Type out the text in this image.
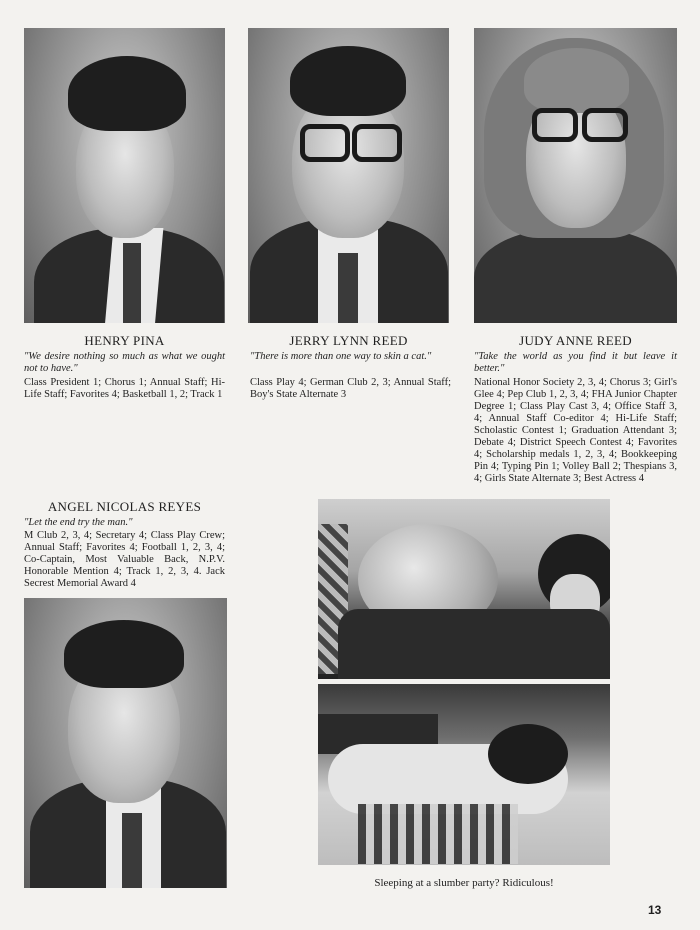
HENRY PINA

"We desire nothing so much as what we ought not to have."

Class President 1; Chorus 1; Annual Staff; Hi-Life Staff; Favorites 4; Basketball 1, 2; Track 1

JERRY LYNN REED

"There is more than one way to skin a cat."

Class Play 4; German Club 2, 3; Annual Staff; Boy's State Alternate 3

JUDY ANNE REED

"Take the world as you find it but leave it better."

National Honor Society 2, 3, 4; Chorus 3; Girl's Glee 4; Pep Club 1, 2, 3, 4; FHA Junior Chapter Degree 1; Class Play Cast 3, 4; Office Staff 3, 4; Annual Staff Co-editor 4; Hi-Life Staff; Scholastic Contest 1; Graduation Attendant 3; Debate 4; District Speech Contest 4; Favorites 4; Scholarship medals 1, 2, 3, 4; Bookkeeping Pin 4; Typing Pin 1; Volley Ball 2; Thespians 3, 4; Girls State Alternate 3; Best Actress 4

ANGEL NICOLAS REYES

"Let the end try the man."

M Club 2, 3, 4; Secretary 4; Class Play Crew; Annual Staff; Favorites 4; Football 1, 2, 3, 4; Co-Captain, Most Valuable Back, N.P.V. Honorable Mention 4; Track 1, 2, 3, 4. Jack Secrest Memorial Award 4

Sleeping at a slumber party? Ridiculous!

13
